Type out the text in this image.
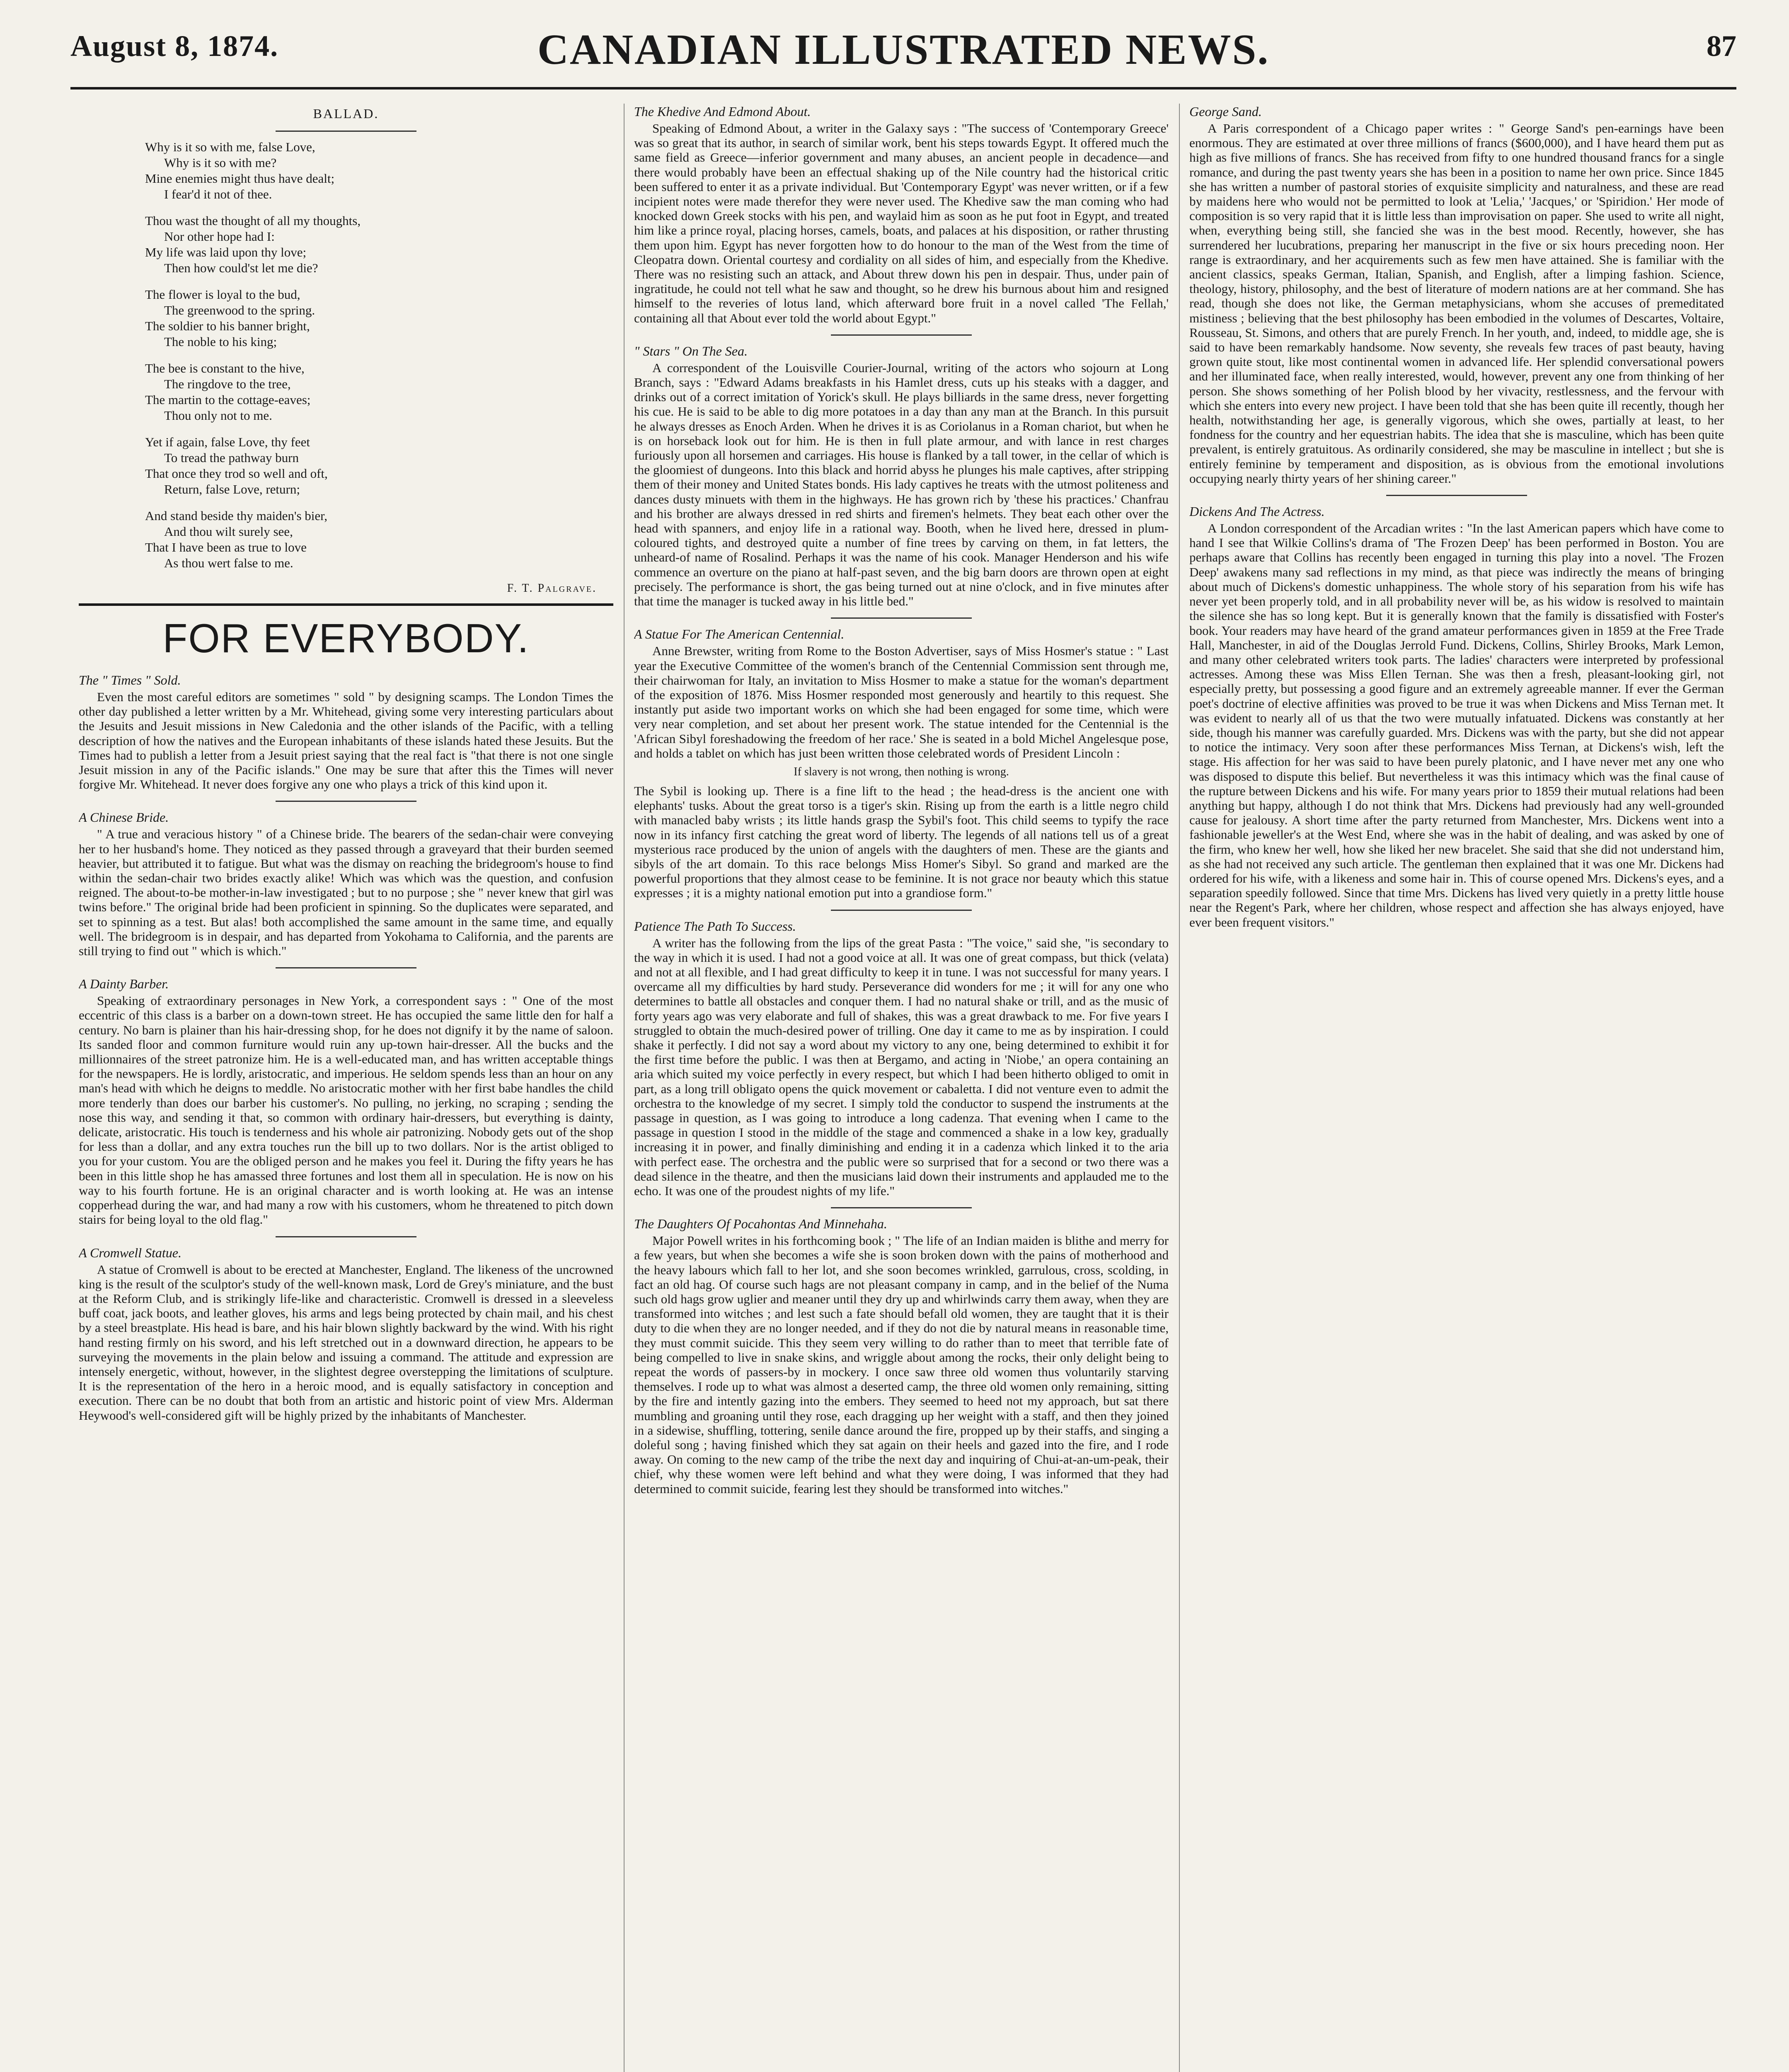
August 8, 1874.	CANADIAN ILLUSTRATED NEWS.	87
BALLAD.
Why is it so with me, false Love,
Why is it so with me?
Mine enemies might thus have dealt;
I fear'd it not of thee.
Thou wast the thought of all my thoughts,
Nor other hope had I:
My life was laid upon thy love;
Then how could'st let me die?
The flower is loyal to the bud,
The greenwood to the spring.
The soldier to his banner bright,
The noble to his king;
The bee is constant to the hive,
The ringdove to the tree,
The martin to the cottage-eaves;
Thou only not to me.
Yet if again, false Love, thy feet
To tread the pathway burn
That once they trod so well and oft,
Return, false Love, return;
And stand beside thy maiden's bier,
And thou wilt surely see,
That I have been as true to love
As thou wert false to me.
F. T. Palgrave.
FOR EVERYBODY.
The " Times " Sold.

Even the most careful editors are sometimes " sold " by designing scamps. The London Times the other day published a letter written by a Mr. Whitehead, giving some very interesting particulars about the Jesuits and Jesuit missions in New Caledonia and the other islands of the Pacific, with a telling description of how the natives and the European inhabitants of these islands hated these Jesuits. But the Times had to publish a letter from a Jesuit priest saying that the real fact is "that there is not one single Jesuit mission in any of the Pacific islands." One may be sure that after this the Times will never forgive Mr. Whitehead. It never does forgive any one who plays a trick of this kind upon it.

A Chinese Bride.

" A true and veracious history " of a Chinese bride. The bearers of the sedan-chair were conveying her to her husband's home. They noticed as they passed through a graveyard that their burden seemed heavier, but attributed it to fatigue. But what was the dismay on reaching the bridegroom's house to find within the sedan-chair two brides exactly alike! Which was which was the question, and confusion reigned. The about-to-be mother-in-law investigated ; but to no purpose ; she " never knew that girl was twins before." The original bride had been proficient in spinning. So the duplicates were separated, and set to spinning as a test. But alas! both accomplished the same amount in the same time, and equally well. The bridegroom is in despair, and has departed from Yokohama to California, and the parents are still trying to find out " which is which."

A Dainty Barber.

Speaking of extraordinary personages in New York, a correspondent says : " One of the most eccentric of this class is a barber on a down-town street. He has occupied the same little den for half a century. No barn is plainer than his hair-dressing shop, for he does not dignify it by the name of saloon. Its sanded floor and common furniture would ruin any up-town hair-dresser. All the bucks and the millionnaires of the street patronize him. He is a well-educated man, and has written acceptable things for the newspapers. He is lordly, aristocratic, and imperious. He seldom spends less than an hour on any man's head with which he deigns to meddle. No aristocratic mother with her first babe handles the child more tenderly than does our barber his customer's. No pulling, no jerking, no scraping ; sending the nose this way, and sending it that, so common with ordinary hair-dressers, but everything is dainty, delicate, aristocratic. His touch is tenderness and his whole air patronizing. Nobody gets out of the shop for less than a dollar, and any extra touches run the bill up to two dollars. Nor is the artist obliged to you for your custom. You are the obliged person and he makes you feel it. During the fifty years he has been in this little shop he has amassed three fortunes and lost them all in speculation. He is now on his way to his fourth fortune. He is an original character and is worth looking at. He was an intense copperhead during the war, and had many a row with his customers, whom he threatened to pitch down stairs for being loyal to the old flag."

A Cromwell Statue.

A statue of Cromwell is about to be erected at Manchester, England. The likeness of the uncrowned king is the result of the sculptor's study of the well-known mask, Lord de Grey's miniature, and the bust at the Reform Club, and is strikingly life-like and characteristic. Cromwell is dressed in a sleeveless buff coat, jack boots, and leather gloves, his arms and legs being protected by chain mail, and his chest by a steel breastplate. His head is bare, and his hair blown slightly backward by the wind. With his right hand resting firmly on his sword, and his left stretched out in a downward direction, he appears to be surveying the movements in the plain below and issuing a command. The attitude and expression are intensely energetic, without, however, in the slightest degree overstepping the limitations of sculpture. It is the representation of the hero in a heroic mood, and is equally satisfactory in conception and execution. There can be no doubt that both from an artistic and historic point of view Mrs. Alderman Heywood's well-considered gift will be highly prized by the inhabitants of Manchester.

The Khedive And Edmond About.

Speaking of Edmond About, a writer in the Galaxy says : "The success of 'Contemporary Greece' was so great that its author, in search of similar work, bent his steps towards Egypt. It offered much the same field as Greece—inferior government and many abuses, an ancient people in decadence—and there would probably have been an effectual shaking up of the Nile country had the historical critic been suffered to enter it as a private individual. But 'Contemporary Egypt' was never written, or if a few incipient notes were made therefor they were never used. The Khedive saw the man coming who had knocked down Greek stocks with his pen, and waylaid him as soon as he put foot in Egypt, and treated him like a prince royal, placing horses, camels, boats, and palaces at his disposition, or rather thrusting them upon him. Egypt has never forgotten how to do honour to the man of the West from the time of Cleopatra down. Oriental courtesy and cordiality on all sides of him, and especially from the Khedive. There was no resisting such an attack, and About threw down his pen in despair. Thus, under pain of ingratitude, he could not tell what he saw and thought, so he drew his burnous about him and resigned himself to the reveries of lotus land, which afterward bore fruit in a novel called 'The Fellah,' containing all that About ever told the world about Egypt."

" Stars " On The Sea.

A correspondent of the Louisville Courier-Journal, writing of the actors who sojourn at Long Branch, says : "Edward Adams breakfasts in his Hamlet dress, cuts up his steaks with a dagger, and drinks out of a correct imitation of Yorick's skull. He plays billiards in the same dress, never forgetting his cue. He is said to be able to dig more potatoes in a day than any man at the Branch. In this pursuit he always dresses as Enoch Arden. When he drives it is as Coriolanus in a Roman chariot, but when he is on horseback look out for him. He is then in full plate armour, and with lance in rest charges furiously upon all horsemen and carriages. His house is flanked by a tall tower, in the cellar of which is the gloomiest of dungeons. Into this black and horrid abyss he plunges his male captives, after stripping them of their money and United States bonds. His lady captives he treats with the utmost politeness and dances dusty minuets with them in the highways. He has grown rich by 'these his practices.' Chanfrau and his brother are always dressed in red shirts and firemen's helmets. They beat each other over the head with spanners, and enjoy life in a rational way. Booth, when he lived here, dressed in plum-coloured tights, and destroyed quite a number of fine trees by carving on them, in fat letters, the unheard-of name of Rosalind. Perhaps it was the name of his cook. Manager Henderson and his wife commence an overture on the piano at half-past seven, and the big barn doors are thrown open at eight precisely. The performance is short, the gas being turned out at nine o'clock, and in five minutes after that time the manager is tucked away in his little bed."

A Statue For The American Centennial.

Anne Brewster, writing from Rome to the Boston Advertiser, says of Miss Hosmer's statue : " Last year the Executive Committee of the women's branch of the Centennial Commission sent through me, their chairwoman for Italy, an invitation to Miss Hosmer to make a statue for the woman's department of the exposition of 1876. Miss Hosmer responded most generously and heartily to this request. She instantly put aside two important works on which she had been engaged for some time, which were very near completion, and set about her present work. The statue intended for the Centennial is the 'African Sibyl foreshadowing the freedom of her race.' She is seated in a bold Michel Angelesque pose, and holds a tablet on which has just been written those celebrated words of President Lincoln :

If slavery is not wrong, then nothing is wrong.

The Sybil is looking up. There is a fine lift to the head ; the head-dress is the ancient one with elephants' tusks. About the great torso is a tiger's skin. Rising up from the earth is a little negro child with manacled baby wrists ; its little hands grasp the Sybil's foot. This child seems to typify the race now in its infancy first catching the great word of liberty. The legends of all nations tell us of a great mysterious race produced by the union of angels with the daughters of men. These are the giants and sibyls of the art domain. To this race belongs Miss Homer's Sibyl. So grand and marked are the powerful proportions that they almost cease to be feminine. It is not grace nor beauty which this statue expresses ; it is a mighty national emotion put into a grandiose form."

Patience The Path To Success.

A writer has the following from the lips of the great Pasta : "The voice," said she, "is secondary to the way in which it is used. I had not a good voice at all. It was one of great compass, but thick (velata) and not at all flexible, and I had great difficulty to keep it in tune. I was not successful for many years. I overcame all my difficulties by hard study. Perseverance did wonders for me ; it will for any one who determines to battle all obstacles and conquer them. I had no natural shake or trill, and as the music of forty years ago was very elaborate and full of shakes, this was a great drawback to me. For five years I struggled to obtain the much-desired power of trilling. One day it came to me as by inspiration. I could shake it perfectly. I did not say a word about my victory to any one, being determined to exhibit it for the first time before the public. I was then at Bergamo, and acting in 'Niobe,' an opera containing an aria which suited my voice perfectly in every respect, but which I had been hitherto obliged to omit in part, as a long trill obligato opens the quick movement or cabaletta. I did not venture even to admit the orchestra to the knowledge of my secret. I simply told the conductor to suspend the instruments at the passage in question, as I was going to introduce a long cadenza. That evening when I came to the passage in question I stood in the middle of the stage and commenced a shake in a low key, gradually increasing it in power, and finally diminishing and ending it in a cadenza which linked it to the aria with perfect ease. The orchestra and the public were so surprised that for a second or two there was a dead silence in the theatre, and then the musicians laid down their instruments and applauded me to the echo. It was one of the proudest nights of my life."

The Daughters Of Pocahontas And Minnehaha.

Major Powell writes in his forthcoming book ; " The life of an Indian maiden is blithe and merry for a few years, but when she becomes a wife she is soon broken down with the pains of motherhood and the heavy labours which fall to her lot, and she soon becomes wrinkled, garrulous, cross, scolding, in fact an old hag. Of course such hags are not pleasant company in camp, and in the belief of the Numa such old hags grow uglier and meaner until they dry up and whirlwinds carry them away, when they are transformed into witches ; and lest such a fate should befall old women, they are taught that it is their duty to die when they are no longer needed, and if they do not die by natural means in reasonable time, they must commit suicide. This they seem very willing to do rather than to meet that terrible fate of being compelled to live in snake skins, and wriggle about among the rocks, their only delight being to repeat the words of passers-by in mockery. I once saw three old women thus voluntarily starving themselves. I rode up to what was almost a deserted camp, the three old women only remaining, sitting by the fire and intently gazing into the embers. They seemed to heed not my approach, but sat there mumbling and groaning until they rose, each dragging up her weight with a staff, and then they joined in a sidewise, shuffling, tottering, senile dance around the fire, propped up by their staffs, and singing a doleful song ; having finished which they sat again on their heels and gazed into the fire, and I rode away. On coming to the new camp of the tribe the next day and inquiring of Chui-at-an-um-peak, their chief, why these women were left behind and what they were doing, I was informed that they had determined to commit suicide, fearing lest they should be transformed into witches."

George Sand.

A Paris correspondent of a Chicago paper writes : " George Sand's pen-earnings have been enormous. They are estimated at over three millions of francs ($600,000), and I have heard them put as high as five millions of francs. She has received from fifty to one hundred thousand francs for a single romance, and during the past twenty years she has been in a position to name her own price. Since 1845 she has written a number of pastoral stories of exquisite simplicity and naturalness, and these are read by maidens here who would not be permitted to look at 'Lelia,' 'Jacques,' or 'Spiridion.' Her mode of composition is so very rapid that it is little less than improvisation on paper. She used to write all night, when, everything being still, she fancied she was in the best mood. Recently, however, she has surrendered her lucubrations, preparing her manuscript in the five or six hours preceding noon. Her range is extraordinary, and her acquirements such as few men have attained. She is familiar with the ancient classics, speaks German, Italian, Spanish, and English, after a limping fashion. Science, theology, history, philosophy, and the best of literature of modern nations are at her command. She has read, though she does not like, the German metaphysicians, whom she accuses of premeditated mistiness ; believing that the best philosophy has been embodied in the volumes of Descartes, Voltaire, Rousseau, St. Simons, and others that are purely French. In her youth, and, indeed, to middle age, she is said to have been remarkably handsome. Now seventy, she reveals few traces of past beauty, having grown quite stout, like most continental women in advanced life. Her splendid conversational powers and her illuminated face, when really interested, would, however, prevent any one from thinking of her person. She shows something of her Polish blood by her vivacity, restlessness, and the fervour with which she enters into every new project. I have been told that she has been quite ill recently, though her health, notwithstanding her age, is generally vigorous, which she owes, partially at least, to her fondness for the country and her equestrian habits. The idea that she is masculine, which has been quite prevalent, is entirely gratuitous. As ordinarily considered, she may be masculine in intellect ; but she is entirely feminine by temperament and disposition, as is obvious from the emotional involutions occupying nearly thirty years of her shining career."

Dickens And The Actress.

A London correspondent of the Arcadian writes : "In the last American papers which have come to hand I see that Wilkie Collins's drama of 'The Frozen Deep' has been performed in Boston. You are perhaps aware that Collins has recently been engaged in turning this play into a novel. 'The Frozen Deep' awakens many sad reflections in my mind, as that piece was indirectly the means of bringing about much of Dickens's domestic unhappiness. The whole story of his separation from his wife has never yet been properly told, and in all probability never will be, as his widow is resolved to maintain the silence she has so long kept. But it is generally known that the family is dissatisfied with Foster's book. Your readers may have heard of the grand amateur performances given in 1859 at the Free Trade Hall, Manchester, in aid of the Douglas Jerrold Fund. Dickens, Collins, Shirley Brooks, Mark Lemon, and many other celebrated writers took parts. The ladies' characters were interpreted by professional actresses. Among these was Miss Ellen Ternan. She was then a fresh, pleasant-looking girl, not especially pretty, but possessing a good figure and an extremely agreeable manner. If ever the German poet's doctrine of elective affinities was proved to be true it was when Dickens and Miss Ternan met. It was evident to nearly all of us that the two were mutually infatuated. Dickens was constantly at her side, though his manner was carefully guarded. Mrs. Dickens was with the party, but she did not appear to notice the intimacy. Very soon after these performances Miss Ternan, at Dickens's wish, left the stage. His affection for her was said to have been purely platonic, and I have never met any one who was disposed to dispute this belief. But nevertheless it was this intimacy which was the final cause of the rupture between Dickens and his wife. For many years prior to 1859 their mutual relations had been anything but happy, although I do not think that Mrs. Dickens had previously had any well-grounded cause for jealousy. A short time after the party returned from Manchester, Mrs. Dickens went into a fashionable jeweller's at the West End, where she was in the habit of dealing, and was asked by one of the firm, who knew her well, how she liked her new bracelet. She said that she did not understand him, as she had not received any such article. The gentleman then explained that it was one Mr. Dickens had ordered for his wife, with a likeness and some hair in. This of course opened Mrs. Dickens's eyes, and a separation speedily followed. Since that time Mrs. Dickens has lived very quietly in a pretty little house near the Regent's Park, where her children, whose respect and affection she has always enjoyed, have ever been frequent visitors."
